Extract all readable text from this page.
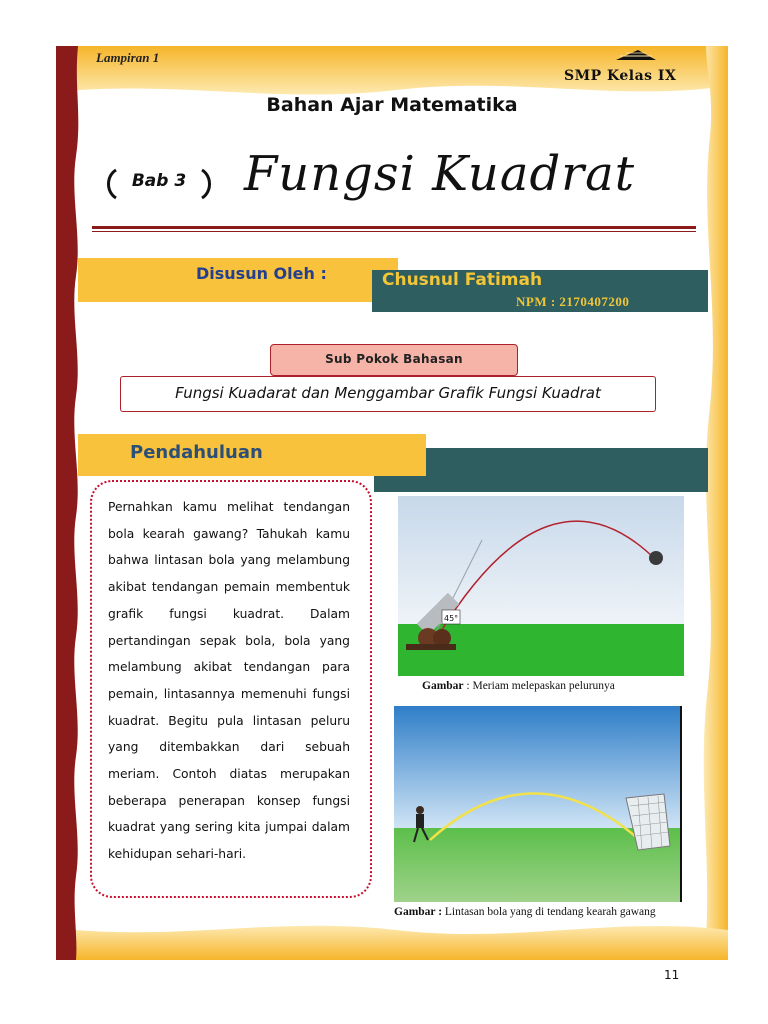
Lampiran 1
SMP Kelas IX
Bahan Ajar Matematika
Bab 3	Fungsi Kuadrat
Disusun Oleh :	Chusnul Fatimah
NPM : 2170407200
Fungsi Kuadarat dan Menggambar Grafik Fungsi Kuadrat
Sub Pokok Bahasan
Pendahuluan
Pernahkan kamu melihat tendangan bola kearah gawang? Tahukah kamu bahwa lintasan bola yang melambung akibat tendangan pemain membentuk grafik fungsi kuadrat. Dalam pertandingan sepak bola, bola yang melambung akibat tendangan para pemain, lintasannya memenuhi fungsi kuadrat. Begitu pula lintasan peluru yang ditembakkan dari sebuah meriam. Contoh diatas merupakan beberapa penerapan konsep fungsi kuadrat yang sering kita jumpai dalam kehidupan sehari-hari.
45°
Gambar : Meriam melepaskan pelurunya
Gambar : Lintasan bola yang di tendang kearah gawang
11
